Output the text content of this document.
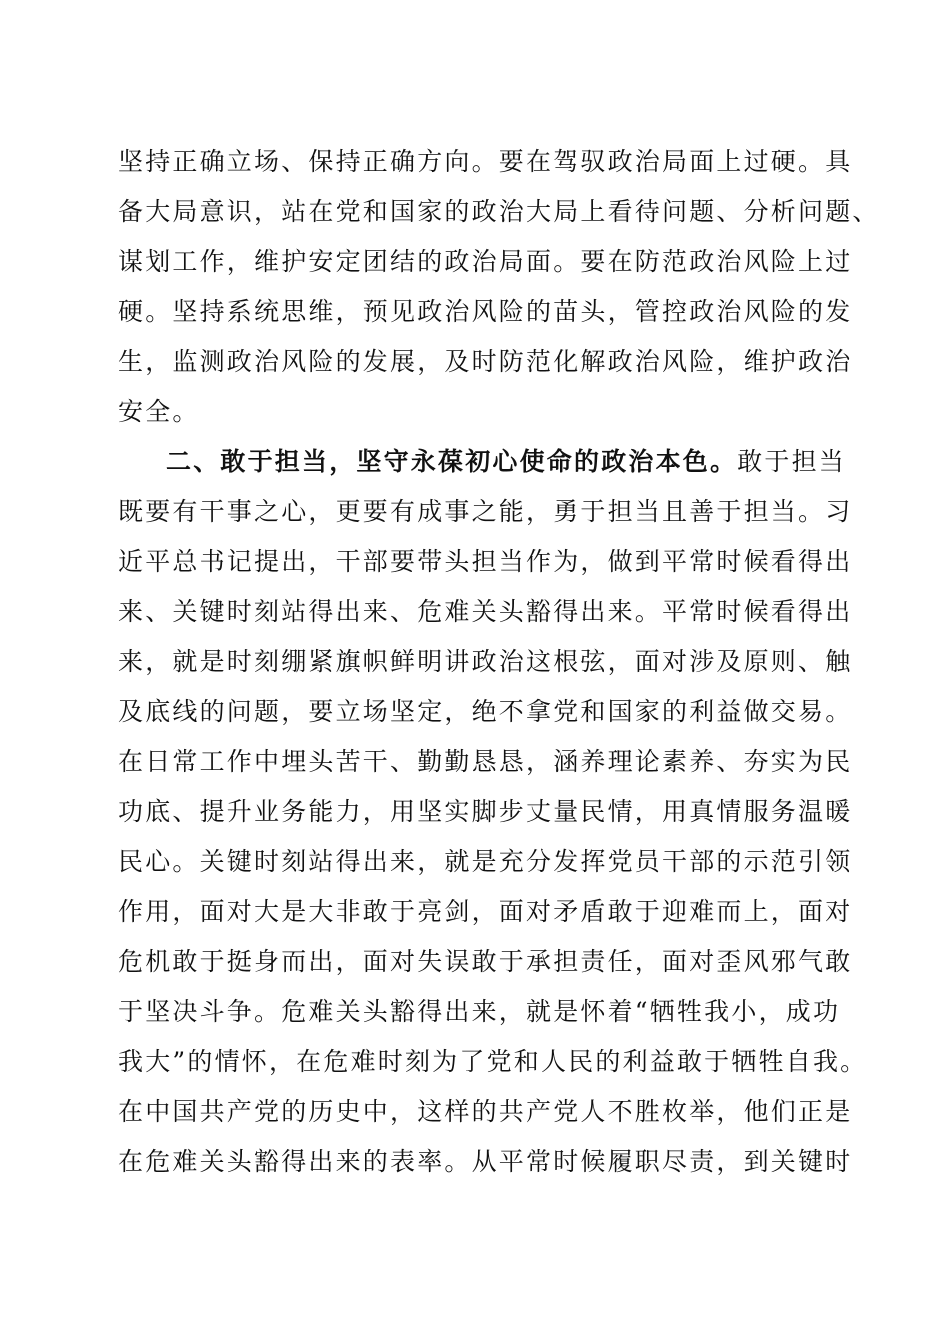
坚持正确立场、保持正确方向。要在驾驭政治局面上过硬。具
备大局意识，站在党和国家的政治大局上看待问题、分析问题、
谋划工作，维护安定团结的政治局面。要在防范政治风险上过
硬。坚持系统思维，预见政治风险的苗头，管控政治风险的发
生，监测政治风险的发展，及时防范化解政治风险，维护政治
安全。
二、敢于担当，坚守永葆初心使命的政治本色。敢于担当
既要有干事之心，更要有成事之能，勇于担当且善于担当。习
近平总书记提出，干部要带头担当作为，做到平常时候看得出
来、关键时刻站得出来、危难关头豁得出来。平常时候看得出
来，就是时刻绷紧旗帜鲜明讲政治这根弦，面对涉及原则、触
及底线的问题，要立场坚定，绝不拿党和国家的利益做交易。
在日常工作中埋头苦干、勤勤恳恳，涵养理论素养、夯实为民
功底、提升业务能力，用坚实脚步丈量民情，用真情服务温暖
民心。关键时刻站得出来，就是充分发挥党员干部的示范引领
作用，面对大是大非敢于亮剑，面对矛盾敢于迎难而上，面对
危机敢于挺身而出，面对失误敢于承担责任，面对歪风邪气敢
于坚决斗争。危难关头豁得出来，就是怀着“牺牲我小，成功
我大”的情怀，在危难时刻为了党和人民的利益敢于牺牲自我。
在中国共产党的历史中，这样的共产党人不胜枚举，他们正是
在危难关头豁得出来的表率。从平常时候履职尽责，到关键时
